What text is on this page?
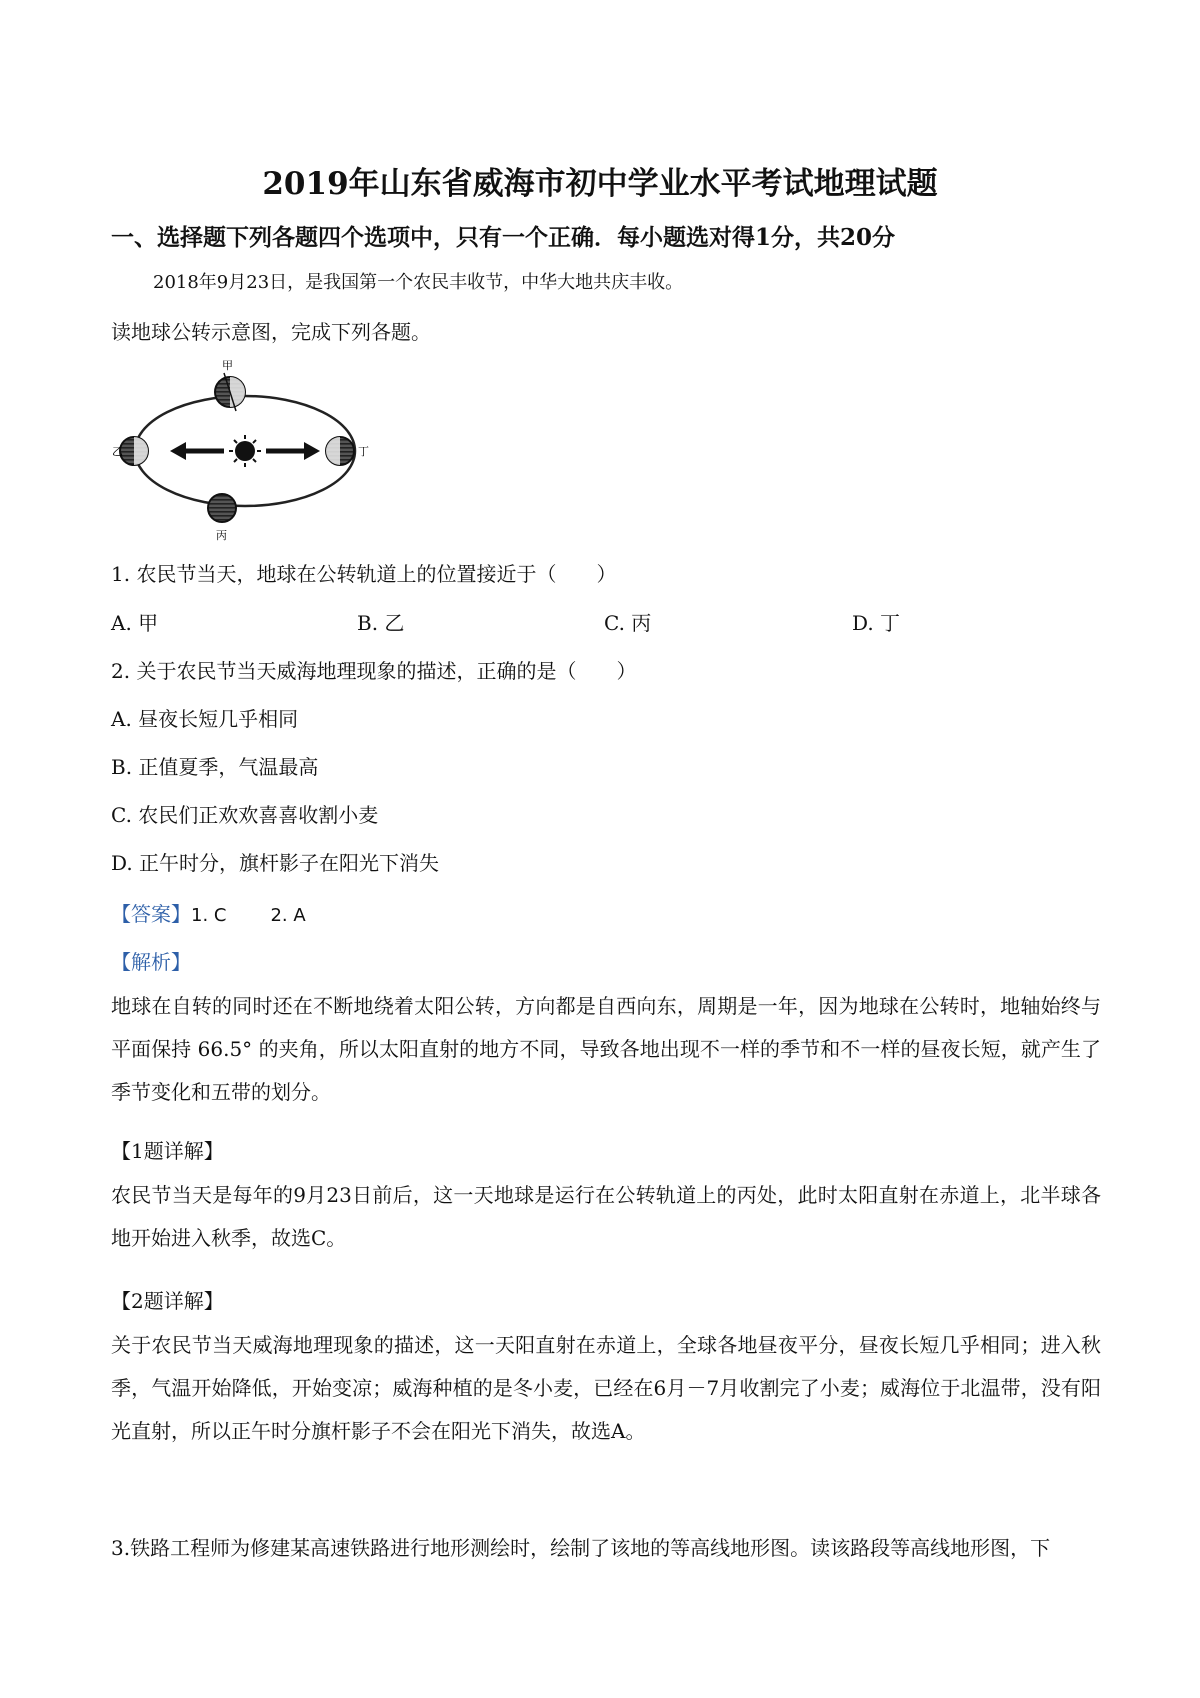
2019年山东省威海市初中学业水平考试地理试题
一、选择题下列各题四个选项中，只有一个正确．每小题选对得1分，共20分
2018年9月23日，是我国第一个农民丰收节，中华大地共庆丰收。
读地球公转示意图，完成下列各题。
甲
乙
丙
丁
1. 农民节当天，地球在公转轨道上的位置接近于（　　）
A. 甲	B. 乙	C. 丙	D. 丁
2. 关于农民节当天威海地理现象的描述，正确的是（　　）
A. 昼夜长短几乎相同
B. 正值夏季，气温最高
C. 农民们正欢欢喜喜收割小麦
D. 正午时分，旗杆影子在阳光下消失
【答案】1. C 2. A
【解析】
地球在自转的同时还在不断地绕着太阳公转，方向都是自西向东，周期是一年，因为地球在公转时，地轴始终与平面保持 66.5° 的夹角，所以太阳直射的地方不同，导致各地出现不一样的季节和不一样的昼夜长短，就产生了季节变化和五带的划分。
【1题详解】
农民节当天是每年的9月23日前后，这一天地球是运行在公转轨道上的丙处，此时太阳直射在赤道上，北半球各地开始进入秋季，故选C。
【2题详解】
关于农民节当天威海地理现象的描述，这一天阳直射在赤道上，全球各地昼夜平分，昼夜长短几乎相同；进入秋季，气温开始降低，开始变凉；威海种植的是冬小麦，已经在6月－7月收割完了小麦；威海位于北温带，没有阳光直射，所以正午时分旗杆影子不会在阳光下消失，故选A。
3.铁路工程师为修建某高速铁路进行地形测绘时，绘制了该地的等高线地形图。读该路段等高线地形图，下
